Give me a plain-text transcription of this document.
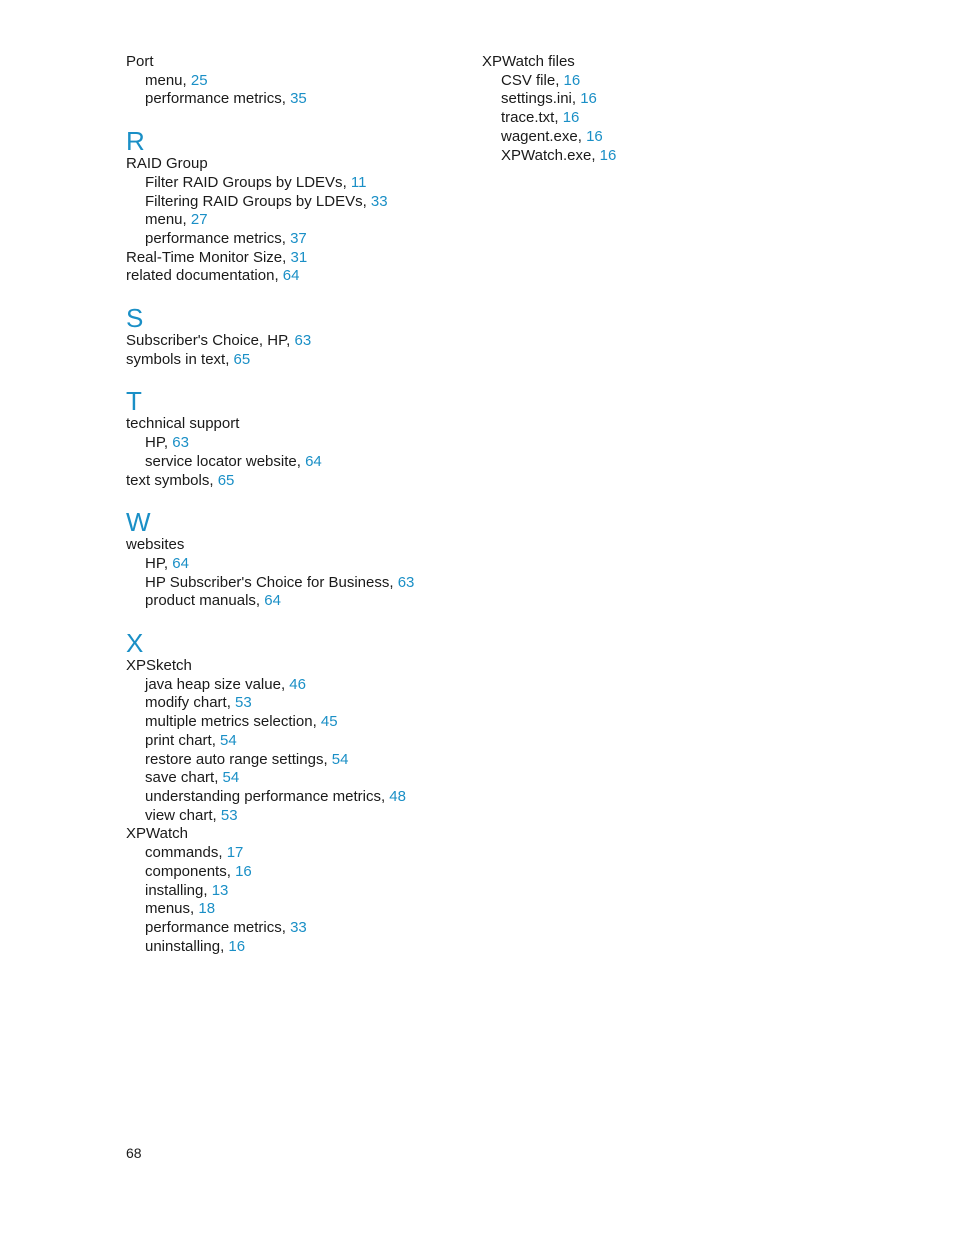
Port
menu, 25
performance metrics, 35
R
RAID Group
Filter RAID Groups by LDEVs, 11
Filtering RAID Groups by LDEVs, 33
menu, 27
performance metrics, 37
Real-Time Monitor Size, 31
related documentation, 64
S
Subscriber's Choice, HP, 63
symbols in text, 65
T
technical support
HP, 63
service locator website, 64
text symbols, 65
W
websites
HP, 64
HP Subscriber's Choice for Business, 63
product manuals, 64
X
XPSketch
java heap size value, 46
modify chart, 53
multiple metrics selection, 45
print chart, 54
restore auto range settings, 54
save chart, 54
understanding performance metrics, 48
view chart, 53
XPWatch
commands, 17
components, 16
installing, 13
menus, 18
performance metrics, 33
uninstalling, 16
XPWatch files
CSV file, 16
settings.ini, 16
trace.txt, 16
wagent.exe, 16
XPWatch.exe, 16
68
